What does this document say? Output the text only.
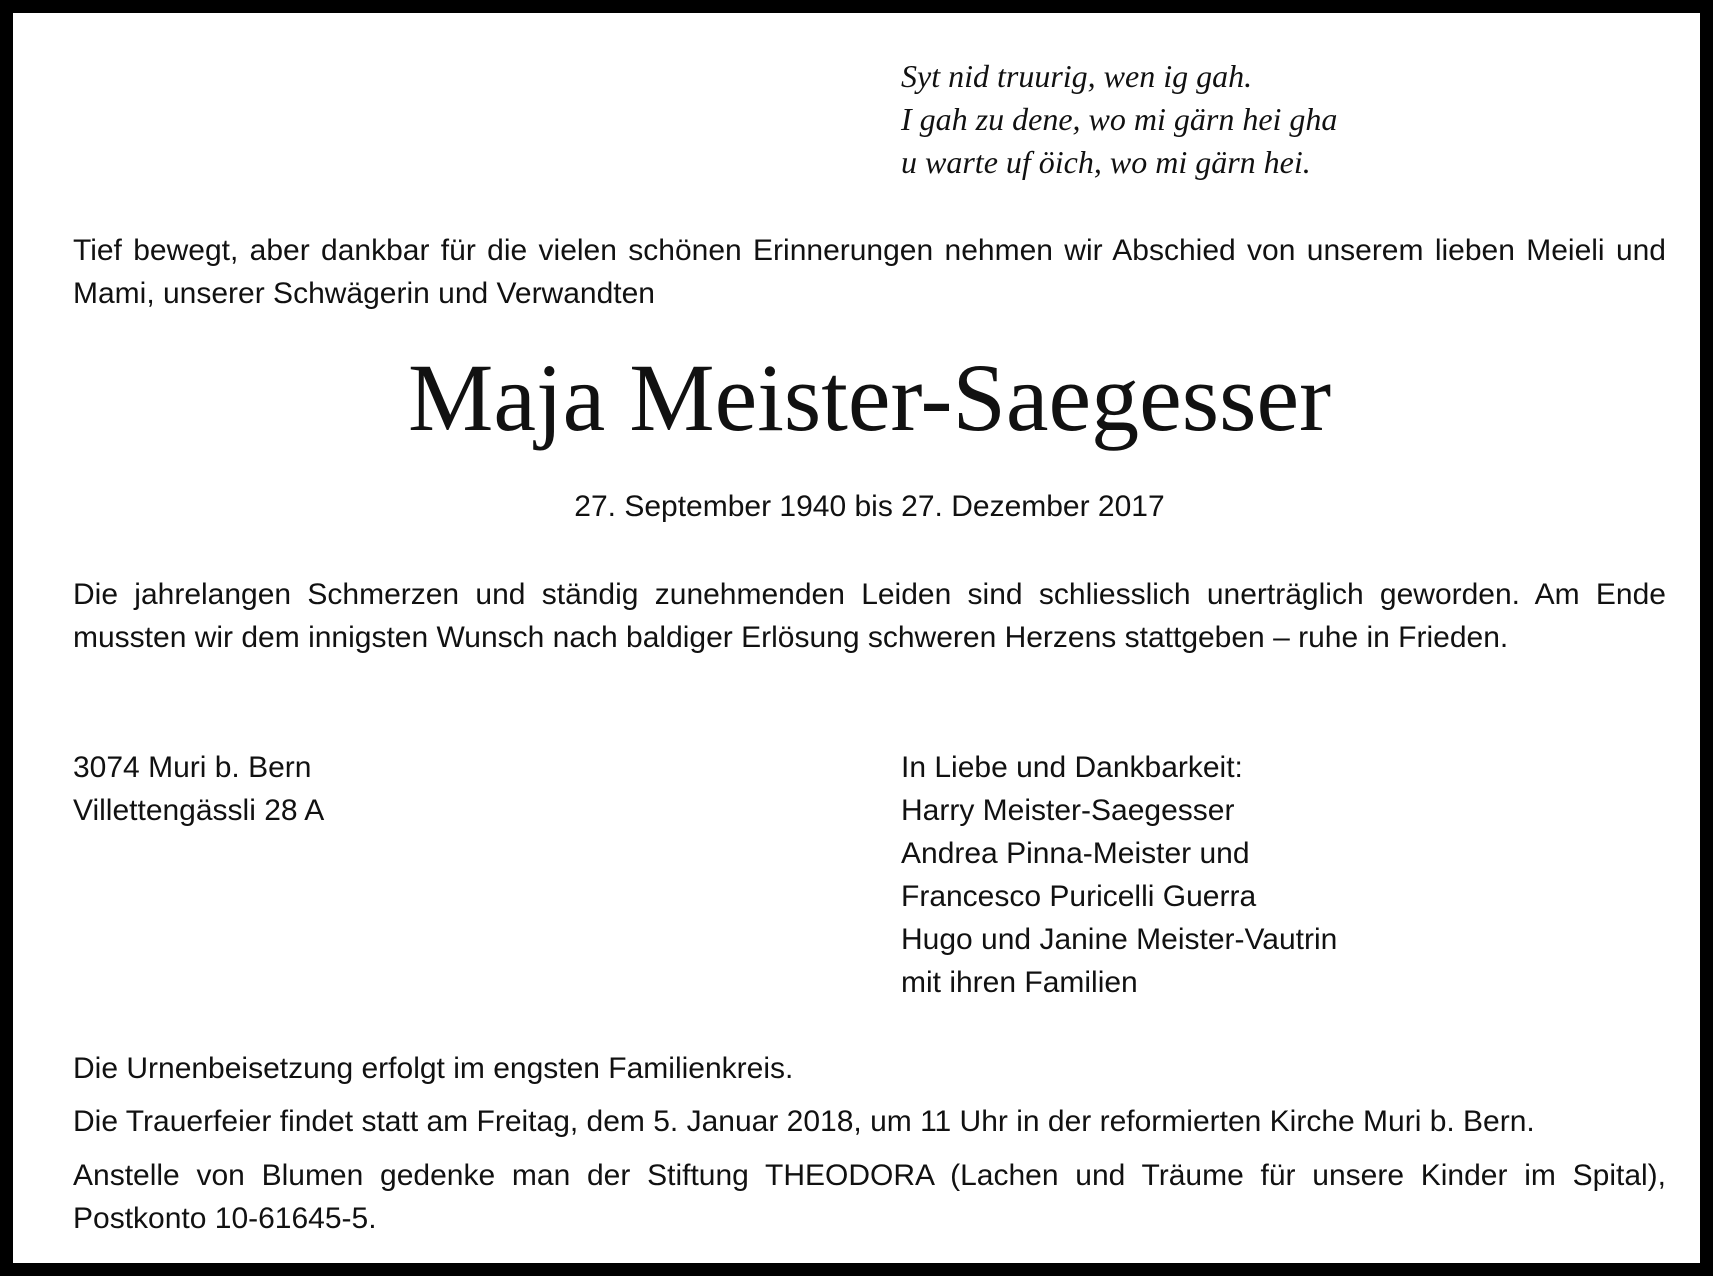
Syt nid truurig, wen ig gah.
I gah zu dene, wo mi gärn hei gha
u warte uf öich, wo mi gärn hei.
Tief bewegt, aber dankbar für die vielen schönen Erinnerungen nehmen wir Abschied von unserem lieben Meieli und Mami, unserer Schwägerin und Verwandten
Maja Meister-Saegesser
27. September 1940 bis 27. Dezember 2017
Die jahrelangen Schmerzen und ständig zunehmenden Leiden sind schliesslich unerträglich geworden. Am Ende mussten wir dem innigsten Wunsch nach baldiger Erlösung schweren Herzens stattgeben – ruhe in Frieden.
3074 Muri b. Bern
Villettengässli 28 A
In Liebe und Dankbarkeit:
Harry Meister-Saegesser
Andrea Pinna-Meister und
Francesco Puricelli Guerra
Hugo und Janine Meister-Vautrin
mit ihren Familien
Die Urnenbeisetzung erfolgt im engsten Familienkreis.
Die Trauerfeier findet statt am Freitag, dem 5. Januar 2018, um 11 Uhr in der reformierten Kirche Muri b. Bern.
Anstelle von Blumen gedenke man der Stiftung THEODORA (Lachen und Träume für unsere Kinder im Spital), Postkonto 10-61645-5.
